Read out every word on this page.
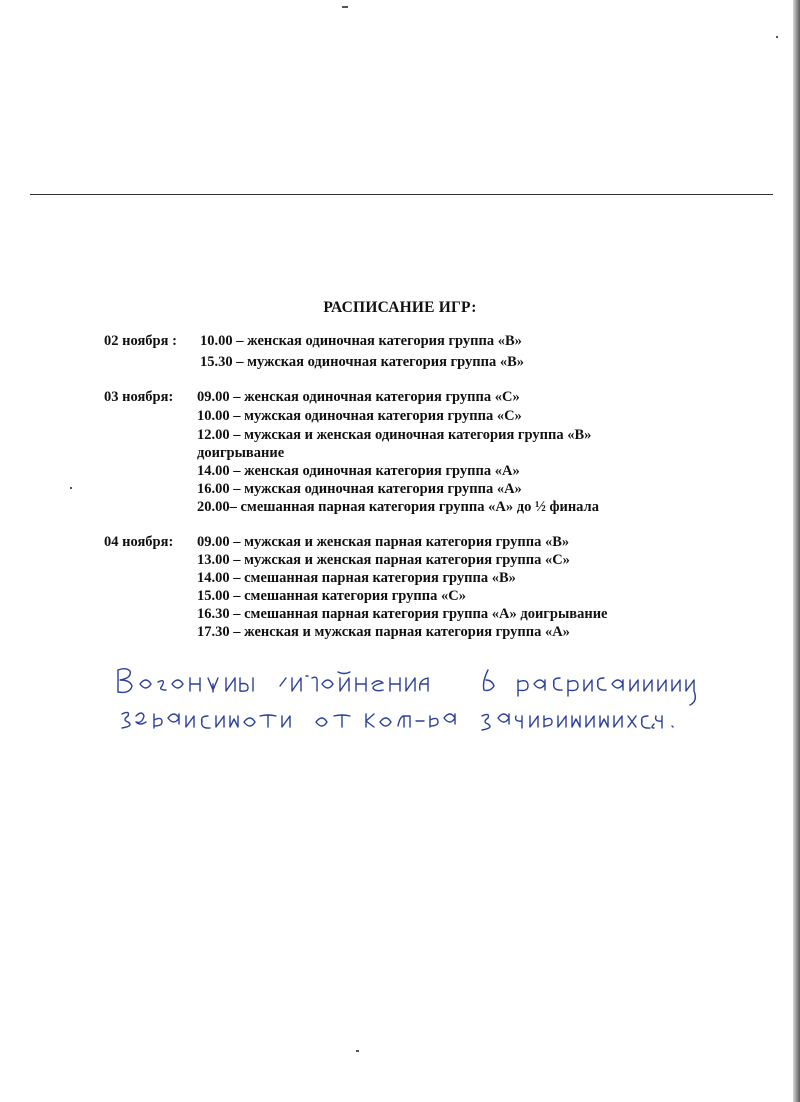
РАСПИСАНИЕ ИГР:
02 ноября : 10.00 – женская одиночная категория группа «В»
15.30 – мужская одиночная категория группа «В»
03 ноября: 09.00 – женская одиночная категория группа «С»
10.00 – мужская одиночная категория группа «С»
12.00 – мужская и женская одиночная категория группа «В»
доигрывание
14.00 – женская одиночная категория группа «А»
16.00 – мужская одиночная категория группа «А»
20.00– смешанная парная категория группа «А» до ½ финала
04 ноября: 09.00 – мужская и женская парная категория группа «В»
13.00 – мужская и женская парная категория группа «С»
14.00 – смешанная парная категория группа «В»
15.00 – смешанная категория группа «С»
16.30 – смешанная парная категория группа «А» доигрывание
17.30 – женская и мужская парная категория группа «А»
